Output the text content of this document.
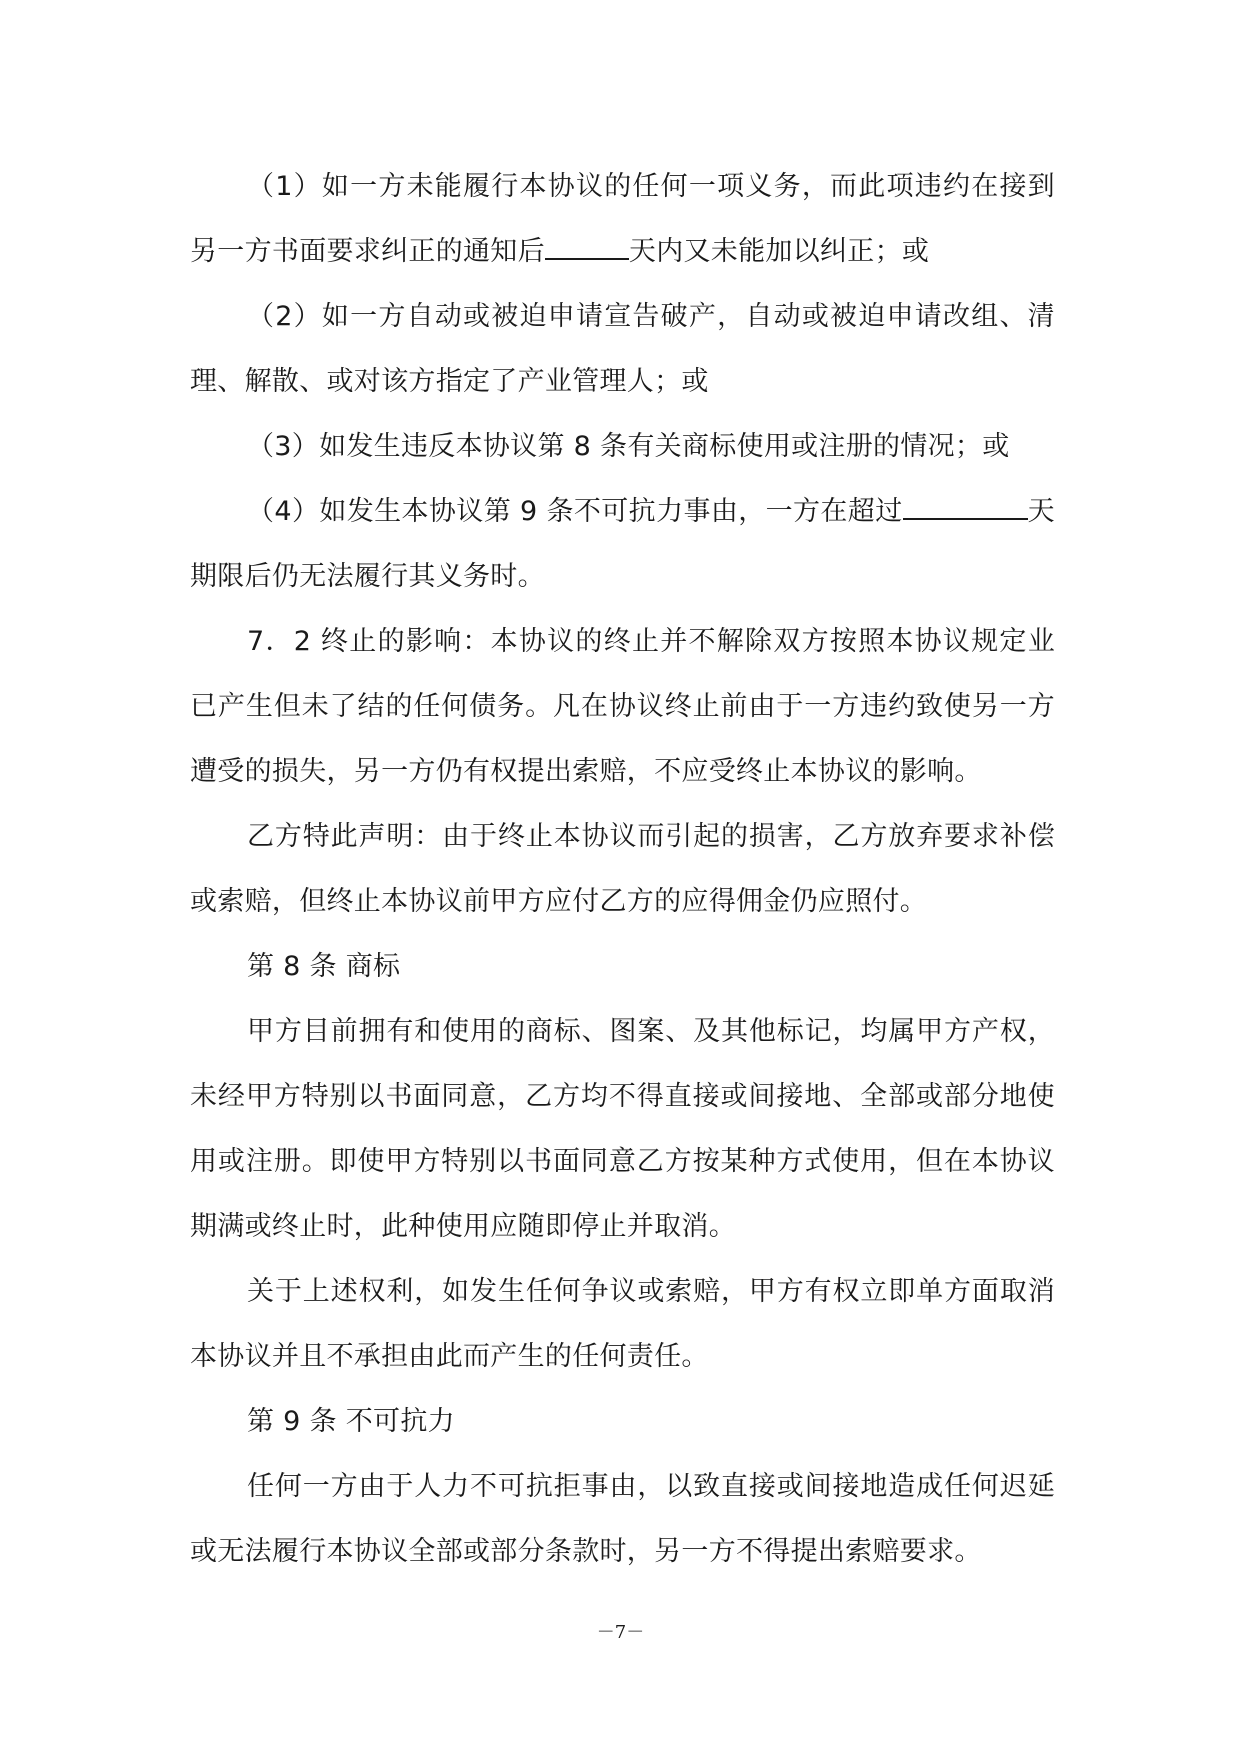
（1）如一方未能履行本协议的任何一项义务，而此项违约在接到另一方书面要求纠正的通知后	天内又未能加以纠正；或

（2）如一方自动或被迫申请宣告破产，自动或被迫申请改组、清理、解散、或对该方指定了产业管理人；或

（3）如发生违反本协议第 8 条有关商标使用或注册的情况；或

（4）如发生本协议第 9 条不可抗力事由，一方在超过	天期限后仍无法履行其义务时。

7．2 终止的影响：本协议的终止并不解除双方按照本协议规定业已产生但未了结的任何债务。凡在协议终止前由于一方违约致使另一方遭受的损失，另一方仍有权提出索赔，不应受终止本协议的影响。

乙方特此声明：由于终止本协议而引起的损害，乙方放弃要求补偿或索赔，但终止本协议前甲方应付乙方的应得佣金仍应照付。

第 8 条 商标

甲方目前拥有和使用的商标、图案、及其他标记，均属甲方产权，未经甲方特别以书面同意，乙方均不得直接或间接地、全部或部分地使用或注册。即使甲方特别以书面同意乙方按某种方式使用，但在本协议期满或终止时，此种使用应随即停止并取消。

关于上述权利，如发生任何争议或索赔，甲方有权立即单方面取消本协议并且不承担由此而产生的任何责任。

第 9 条 不可抗力

任何一方由于人力不可抗拒事由，以致直接或间接地造成任何迟延或无法履行本协议全部或部分条款时，另一方不得提出索赔要求。

－7－
